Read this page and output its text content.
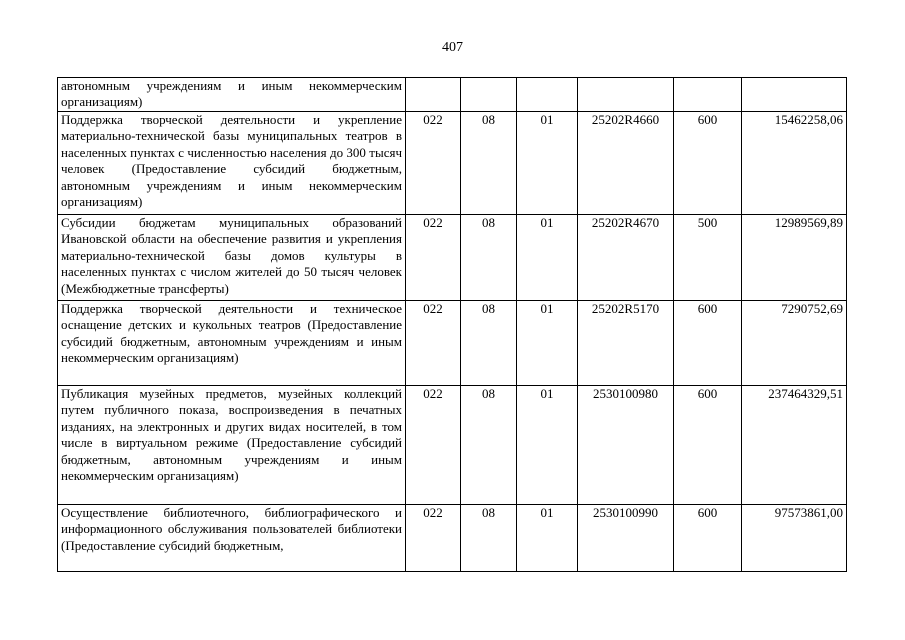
407
автономным учреждениям и иным некоммерческим организациям)						
Поддержка творческой деятельности и укрепление материально-технической базы муниципальных театров в населенных пунктах с численностью населения до 300 тысяч человек (Предоставление субсидий бюджетным, автономным учреждениям и иным некоммерческим организациям)	022	08	01	25202R4660	600	15462258,06
Субсидии бюджетам муниципальных образований Ивановской области на обеспечение развития и укрепления материально-технической базы домов культуры в населенных пунктах с числом жителей до 50 тысяч человек (Межбюджетные трансферты)	022	08	01	25202R4670	500	12989569,89
Поддержка творческой деятельности и техническое оснащение детских и кукольных театров (Предоставление субсидий бюджетным, автономным учреждениям и иным некоммерческим организациям)	022	08	01	25202R5170	600	7290752,69
Публикация музейных предметов, музейных коллекций путем публичного показа, воспроизведения в печатных изданиях, на электронных и других видах носителей, в том числе в виртуальном режиме (Предоставление субсидий бюджетным, автономным учреждениям и иным некоммерческим организациям)	022	08	01	2530100980	600	237464329,51
Осуществление библиотечного, библиографического и информационного обслуживания пользователей библиотеки (Предоставление субсидий бюджетным,	022	08	01	2530100990	600	97573861,00
